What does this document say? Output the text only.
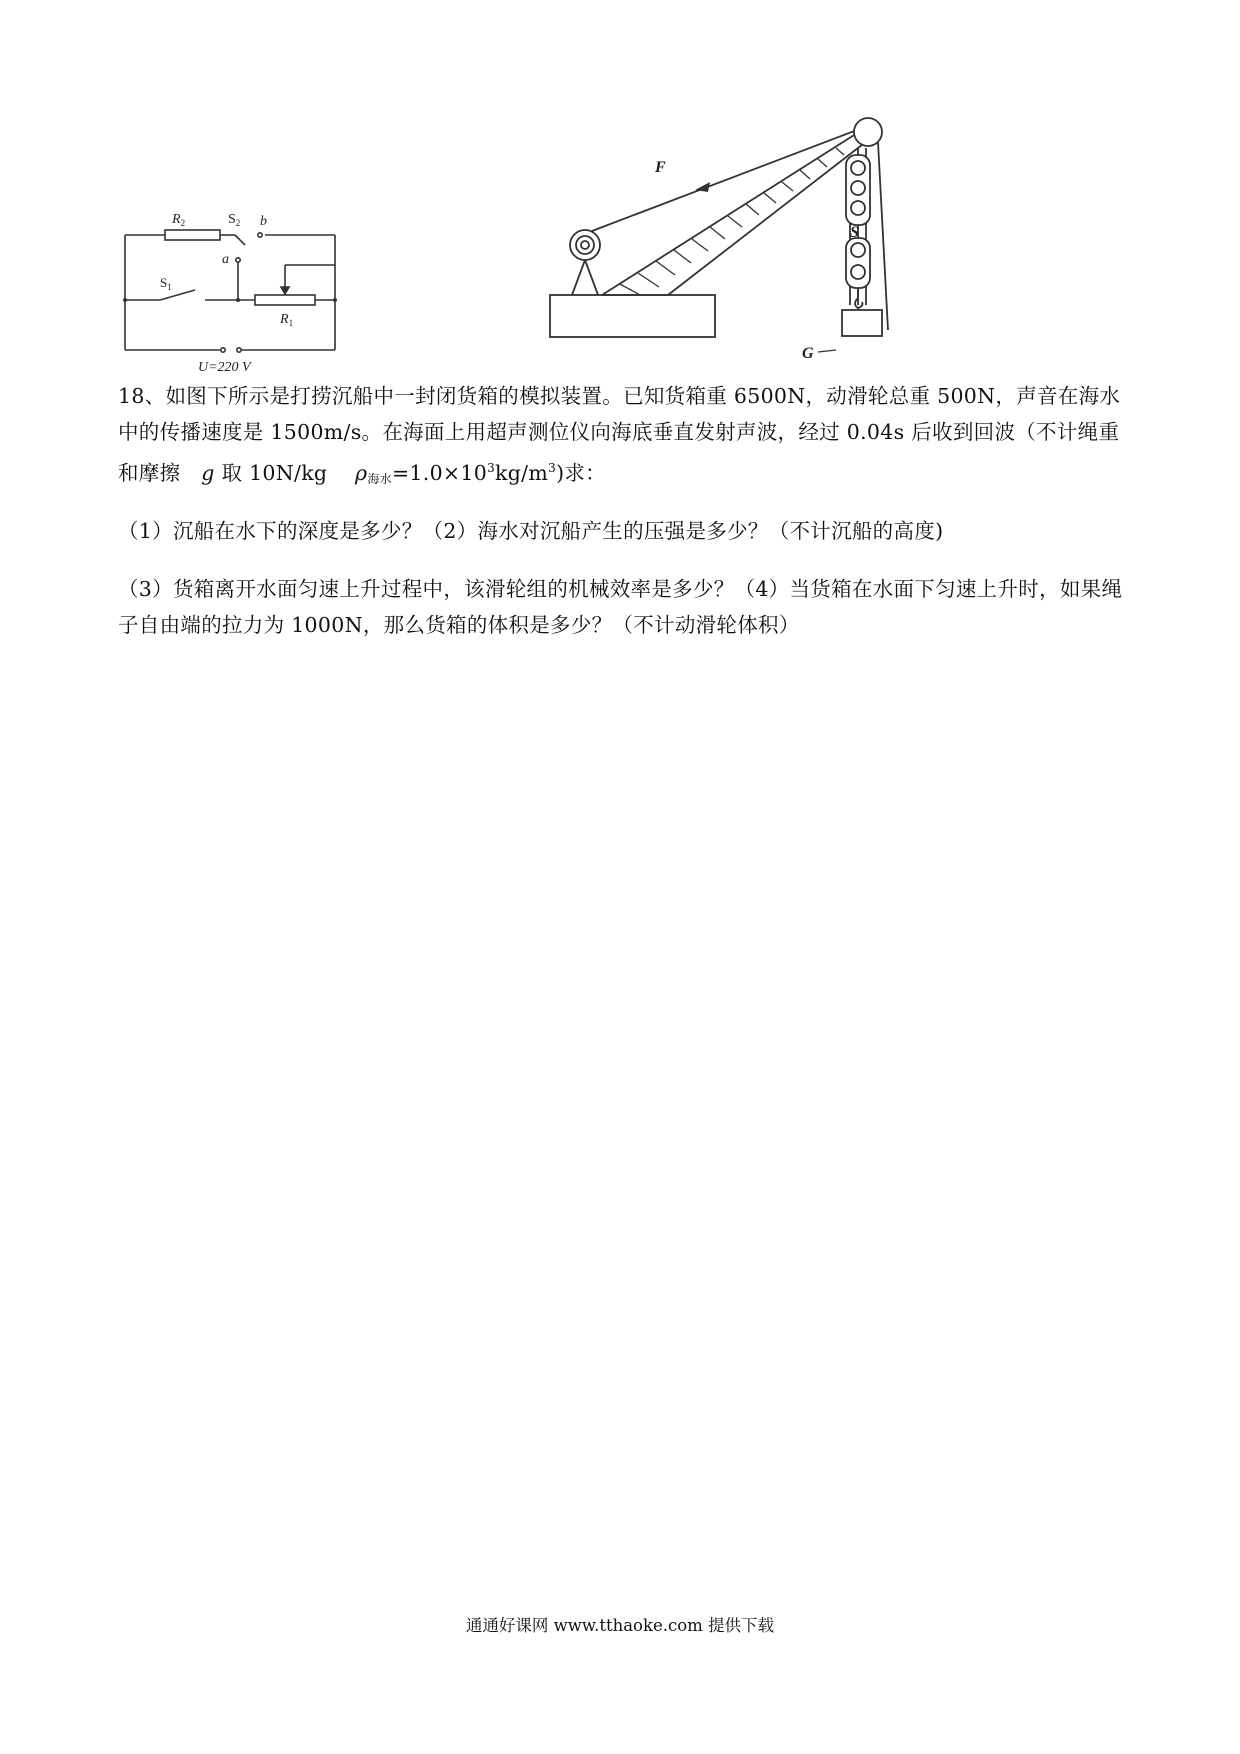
$R_2$	$S_2$ b
a
$S_1$
$R_1$
U=220 V
F
S
G

18、如图下所示是打捞沉船中一封闭货箱的模拟装置。已知货箱重 6500N，动滑轮总重 500N，声音在海水中的传播速度是 1500m/s。在海面上用超声测位仪向海底垂直发射声波，经过 0.04s 后收到回波（不计绳重和摩擦　g 取 10N/kg　 $\rho_{海水}=1.0\times 10^3kg/m^3$)求：

（1）沉船在水下的深度是多少？（2）海水对沉船产生的压强是多少？（不计沉船的高度)

（3）货箱离开水面匀速上升过程中，该滑轮组的机械效率是多少？（4）当货箱在水面下匀速上升时，如果绳子自由端的拉力为 1000N，那么货箱的体积是多少？（不计动滑轮体积）

通通好课网 www.tthaoke.com 提供下载
